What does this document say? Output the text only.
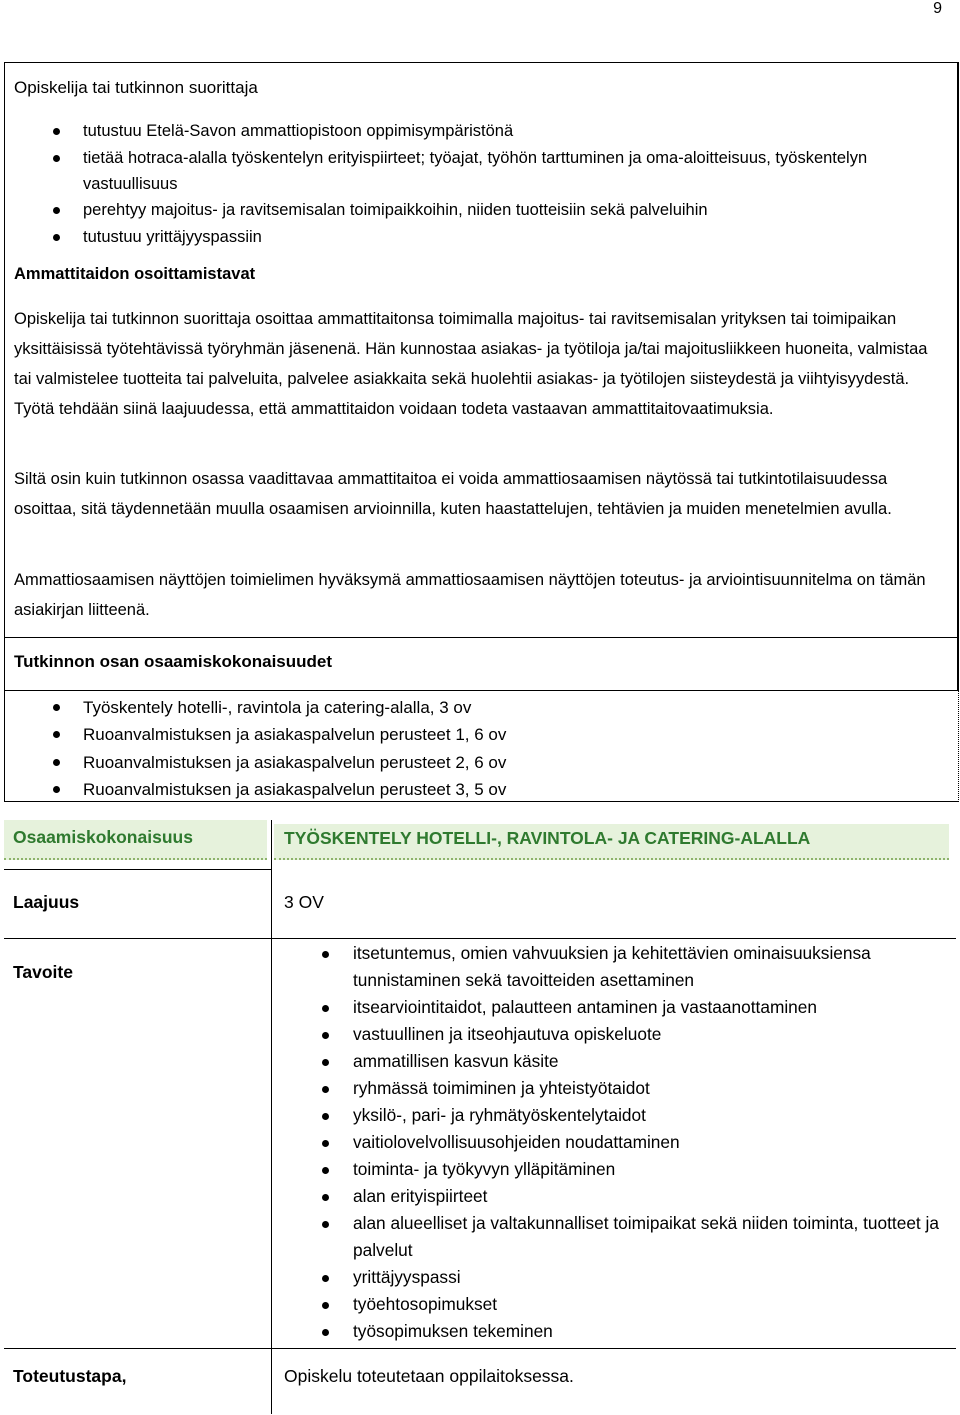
9
Opiskelija tai tutkinnon suorittaja
tutustuu Etelä-Savon ammattiopistoon oppimisympäristönä
tietää hotraca-alalla työskentelyn erityispiirteet; työajat, työhön tarttuminen ja oma-aloitteisuus, työskentelyn vastuullisuus
perehtyy majoitus- ja ravitsemisalan toimipaikkoihin, niiden tuotteisiin sekä palveluihin
tutustuu yrittäjyyspassiin
Ammattitaidon osoittamistavat

Opiskelija tai tutkinnon suorittaja osoittaa ammattitaitonsa toimimalla majoitus- tai ravitsemisalan yrityksen tai toimipaikan yksittäisissä työtehtävissä työryhmän jäsenenä. Hän kunnostaa asiakas- ja työtiloja ja/tai majoitusliikkeen huoneita, valmistaa tai valmistelee tuotteita tai palveluita, palvelee asiakkaita sekä huolehtii asiakas- ja työtilojen siisteydestä ja viihtyisyydestä. Työtä tehdään siinä laajuudessa, että ammattitaidon voidaan todeta vastaavan ammattitaitovaatimuksia.

Siltä osin kuin tutkinnon osassa vaadittavaa ammattitaitoa ei voida ammattiosaamisen näytössä tai tutkintotilaisuudessa osoittaa, sitä täydennetään muulla osaamisen arvioinnilla, kuten haastattelujen, tehtävien ja muiden menetelmien avulla.

Ammattiosaamisen näyttöjen toimielimen hyväksymä ammattiosaamisen näyttöjen toteutus- ja arviointisuunnitelma on tämän asiakirjan liitteenä.

Tutkinnon osan osaamiskokonaisuudet
Työskentely hotelli-, ravintola ja catering-alalla, 3 ov
Ruoanvalmistuksen ja asiakaspalvelun perusteet 1, 6 ov
Ruoanvalmistuksen ja asiakaspalvelun perusteet 2, 6 ov
Ruoanvalmistuksen ja asiakaspalvelun perusteet 3, 5 ov
Osaamiskokonaisuus	TYÖSKENTELY HOTELLI-, RAVINTOLA- JA CATERING-ALALLA
Laajuus	3 OV
Tavoite
itsetuntemus, omien vahvuuksien ja kehitettävien ominaisuuksiensa tunnistaminen sekä tavoitteiden asettaminen
itsearviointitaidot, palautteen antaminen ja vastaanottaminen
vastuullinen ja itseohjautuva opiskeluote
ammatillisen kasvun käsite
ryhmässä toimiminen ja yhteistyötaidot
yksilö-, pari- ja ryhmätyöskentelytaidot
vaitiolovelvollisuusohjeiden noudattaminen
toiminta- ja työkyvyn ylläpitäminen
alan erityispiirteet
alan alueelliset ja valtakunnalliset toimipaikat sekä niiden toiminta, tuotteet ja palvelut
yrittäjyyspassi
työehtosopimukset
työsopimuksen tekeminen
Toteutustapa,	Opiskelu toteutetaan oppilaitoksessa.
